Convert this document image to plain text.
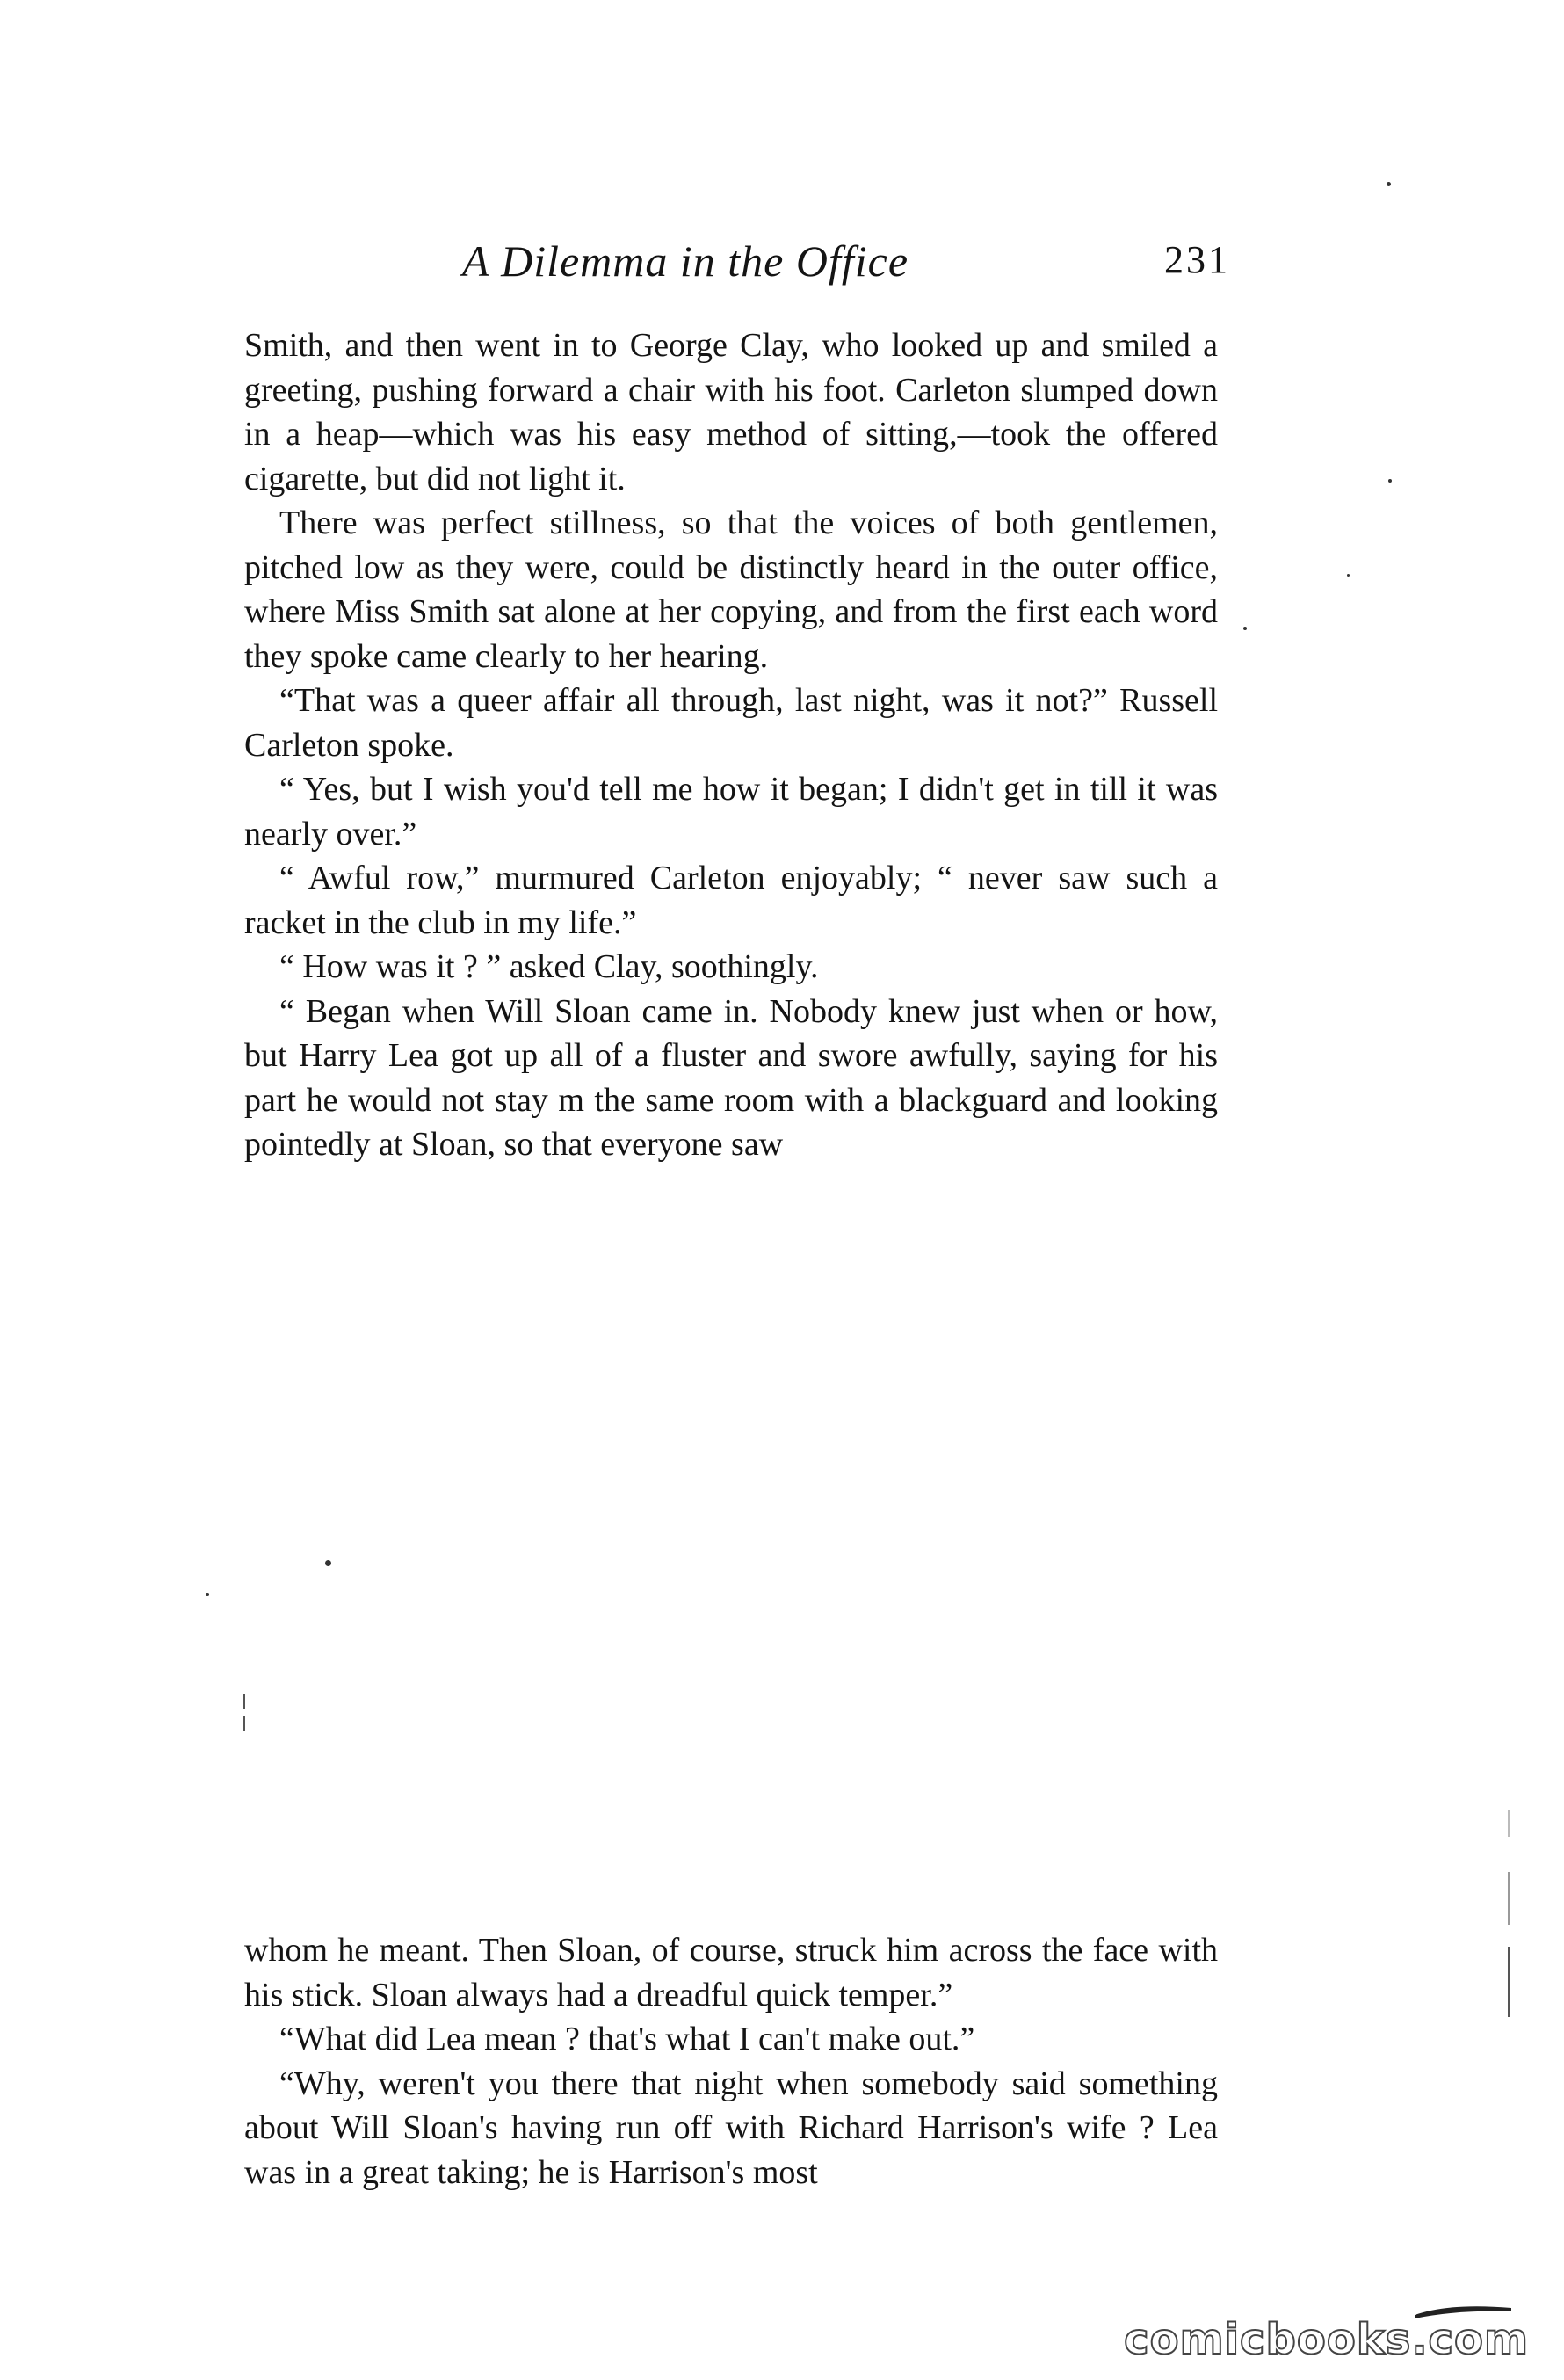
A Dilemma in the Office	231

Smith, and then went in to George Clay, who looked up and smiled a greeting, pushing forward a chair with his foot. Carleton slumped down in a heap—which was his easy method of sitting,—took the offered cigarette, but did not light it.

There was perfect stillness, so that the voices of both gentlemen, pitched low as they were, could be distinctly heard in the outer office, where Miss Smith sat alone at her copying, and from the first each word they spoke came clearly to her hearing.

“That was a queer affair all through, last night, was it not?” Russell Carleton spoke.

“ Yes, but I wish you'd tell me how it began; I didn't get in till it was nearly over.”

“ Awful row,” murmured Carleton enjoyably; “ never saw such a racket in the club in my life.”

“ How was it ? ” asked Clay, soothingly.

“ Began when Will Sloan came in. Nobody knew just when or how, but Harry Lea got up all of a fluster and swore awfully, saying for his part he would not stay m the same room with a blackguard and looking pointedly at Sloan, so that everyone saw

whom he meant. Then Sloan, of course, struck him across the face with his stick. Sloan always had a dreadful quick temper.”

“What did Lea mean ? that's what I can't make out.”

“Why, weren't you there that night when somebody said something about Will Sloan's having run off with Richard Harrison's wife ? Lea was in a great taking; he is Harrison's most

comicbooks.com
